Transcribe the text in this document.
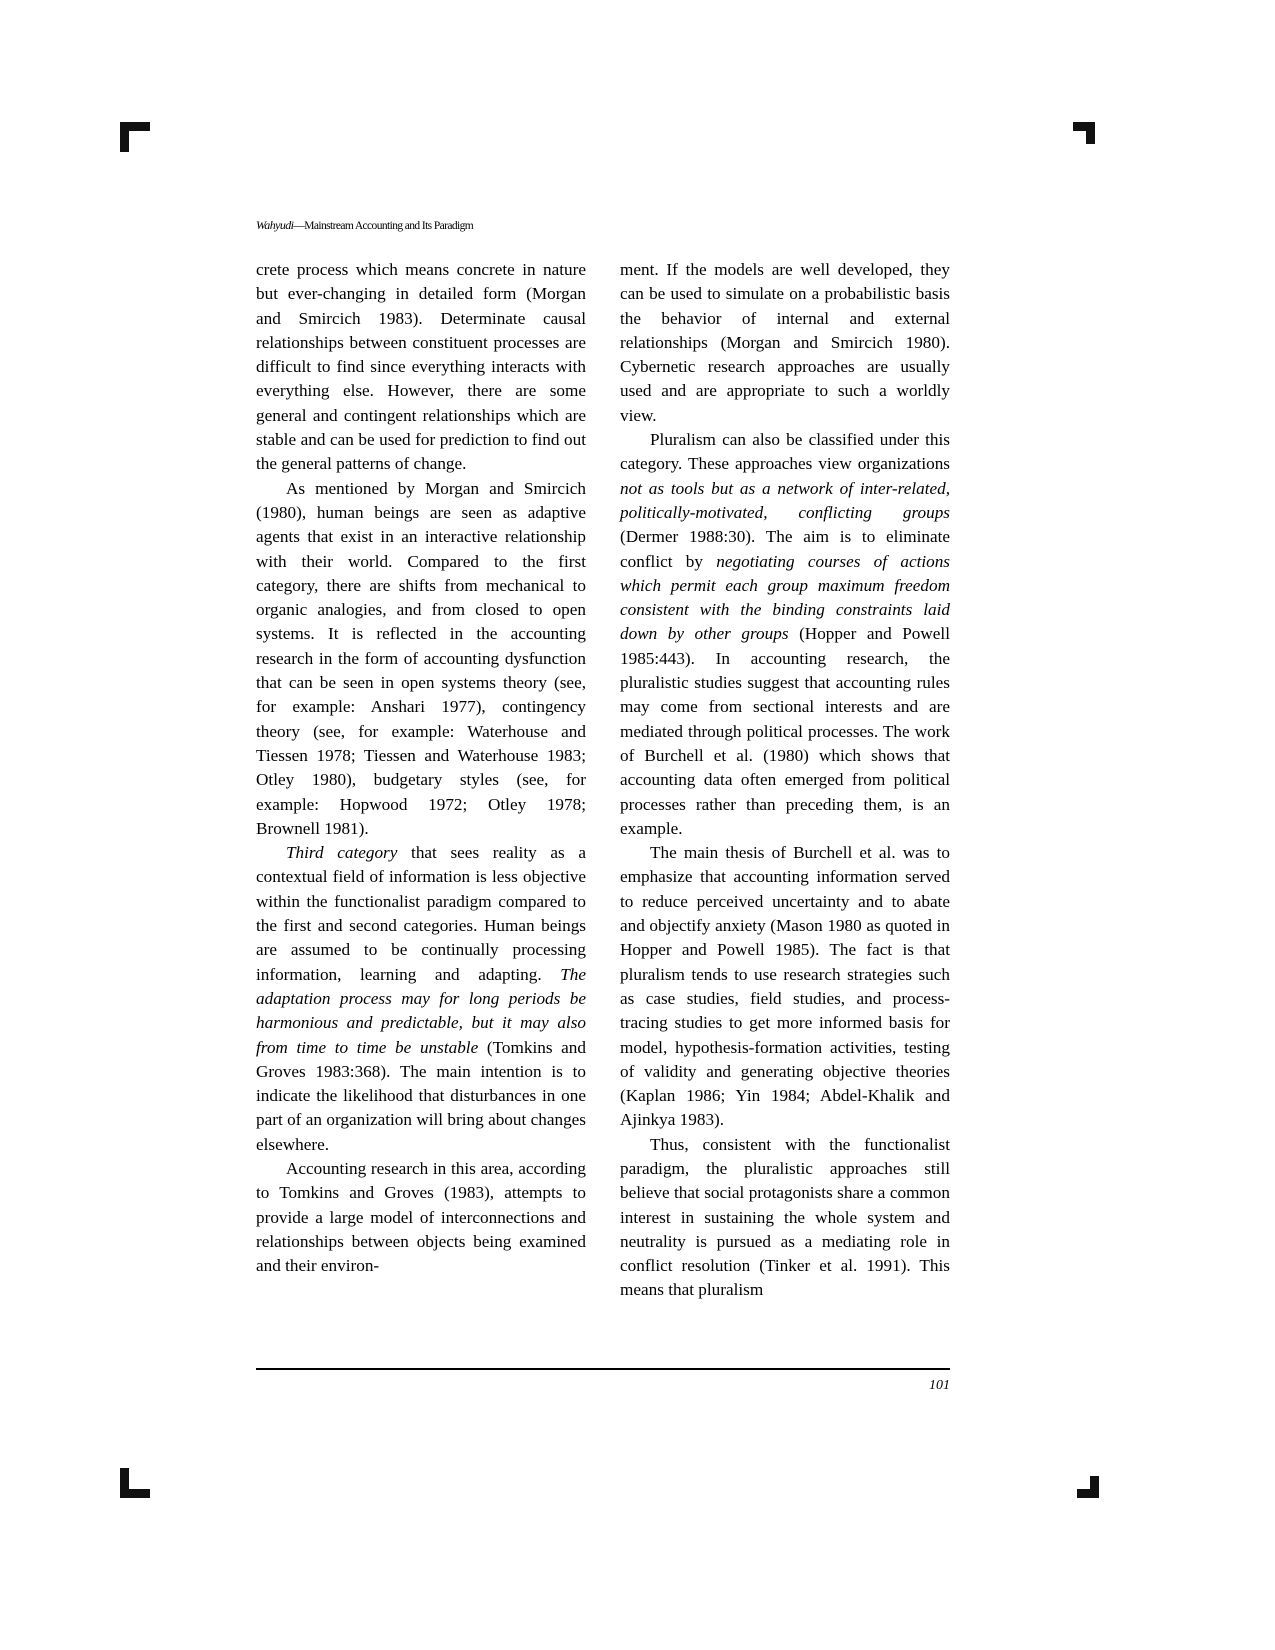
Wahyudi—Mainstream Accounting and Its Paradigm

crete process which means concrete in nature but ever-changing in detailed form (Morgan and Smircich 1983). Determinate causal relationships between constituent processes are difficult to find since everything interacts with everything else. However, there are some general and contingent relationships which are stable and can be used for prediction to find out the general patterns of change.

As mentioned by Morgan and Smircich (1980), human beings are seen as adaptive agents that exist in an interactive relationship with their world. Compared to the first category, there are shifts from mechanical to organic analogies, and from closed to open systems. It is reflected in the accounting research in the form of accounting dysfunction that can be seen in open systems theory (see, for example: Anshari 1977), contingency theory (see, for example: Waterhouse and Tiessen 1978; Tiessen and Waterhouse 1983; Otley 1980), budgetary styles (see, for example: Hopwood 1972; Otley 1978; Brownell 1981).

Third category that sees reality as a contextual field of information is less objective within the functionalist paradigm compared to the first and second categories. Human beings are assumed to be continually processing information, learning and adapting. The adaptation process may for long periods be harmonious and predictable, but it may also from time to time be unstable (Tomkins and Groves 1983:368). The main intention is to indicate the likelihood that disturbances in one part of an organization will bring about changes elsewhere.

Accounting research in this area, according to Tomkins and Groves (1983), attempts to provide a large model of interconnections and relationships between objects being examined and their environ-

ment. If the models are well developed, they can be used to simulate on a probabilistic basis the behavior of internal and external relationships (Morgan and Smircich 1980). Cybernetic research approaches are usually used and are appropriate to such a worldly view.

Pluralism can also be classified under this category. These approaches view organizations not as tools but as a network of inter-related, politically-motivated, conflicting groups (Dermer 1988:30). The aim is to eliminate conflict by negotiating courses of actions which permit each group maximum freedom consistent with the binding constraints laid down by other groups (Hopper and Powell 1985:443). In accounting research, the pluralistic studies suggest that accounting rules may come from sectional interests and are mediated through political processes. The work of Burchell et al. (1980) which shows that accounting data often emerged from political processes rather than preceding them, is an example.

The main thesis of Burchell et al. was to emphasize that accounting information served to reduce perceived uncertainty and to abate and objectify anxiety (Mason 1980 as quoted in Hopper and Powell 1985). The fact is that pluralism tends to use research strategies such as case studies, field studies, and process-tracing studies to get more informed basis for model, hypothesis-formation activities, testing of validity and generating objective theories (Kaplan 1986; Yin 1984; Abdel-Khalik and Ajinkya 1983).

Thus, consistent with the functionalist paradigm, the pluralistic approaches still believe that social protagonists share a common interest in sustaining the whole system and neutrality is pursued as a mediating role in conflict resolution (Tinker et al. 1991). This means that pluralism

101
